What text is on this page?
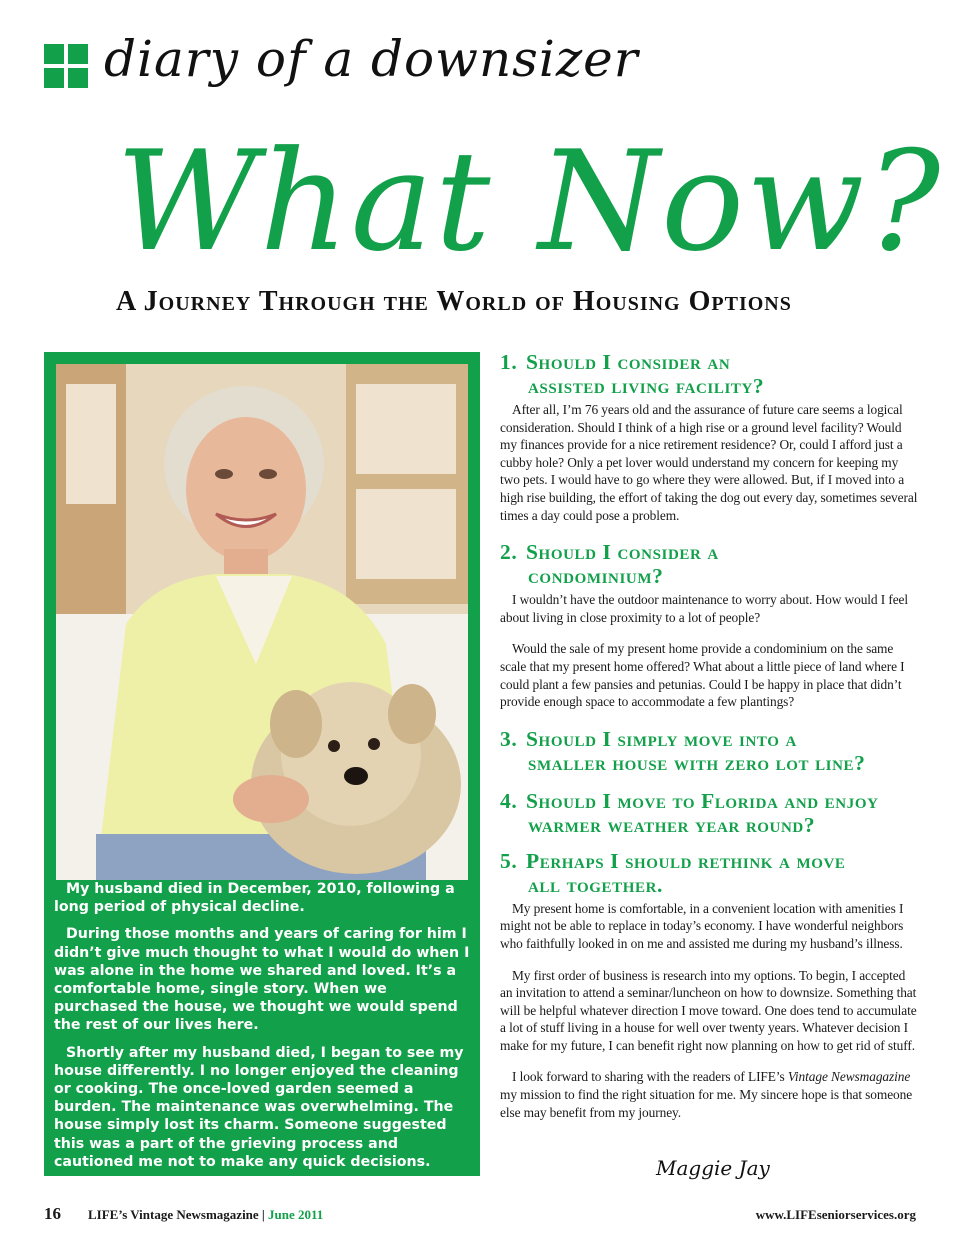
diary of a downsizer
What Now?
A Journey Through the World of Housing Options

My husband died in December, 2010, following a long period of physical decline.

During those months and years of caring for him I didn’t give much thought to what I would do when I was alone in the home we shared and loved. It’s a comfortable home, single story. When we purchased the house, we thought we would spend the rest of our lives here.

Shortly after my husband died, I began to see my house differently. I no longer enjoyed the cleaning or cooking. The once-loved garden seemed a burden. The maintenance was overwhelming. The house simply lost its charm. Someone suggested this was a part of the grieving process and cautioned me not to make any quick decisions.

1. Should I consider an
assisted living facility?

After all, I’m 76 years old and the assurance of future care seems a logical consideration. Should I think of a high rise or a ground level facility? Would my finances provide for a nice retirement residence? Or, could I afford just a cubby hole? Only a pet lover would understand my concern for keeping my two pets. I would have to go where they were allowed. But, if I moved into a high rise building, the effort of taking the dog out every day, sometimes several times a day could pose a problem.

2. Should I consider a
condominium?

I wouldn’t have the outdoor maintenance to worry about. How would I feel about living in close proximity to a lot of people?

Would the sale of my present home provide a condominium on the same scale that my present home offered? What about a little piece of land where I could plant a few pansies and petunias. Could I be happy in place that didn’t provide enough space to accommodate a few plantings?

3. Should I simply move into a
smaller house with zero lot line?
4. Should I move to Florida and enjoy
warmer weather year round?
5. Perhaps I should rethink a move
all together.

My present home is comfortable, in a convenient location with amenities I might not be able to replace in today’s economy. I have wonderful neighbors who faithfully looked in on me and assisted me during my husband’s illness.

My first order of business is research into my options. To begin, I accepted an invitation to attend a seminar/luncheon on how to downsize. Something that will be helpful whatever direction I move toward. One does tend to accumulate a lot of stuff living in a house for well over twenty years. Whatever decision I make for my future, I can benefit right now planning on how to get rid of stuff.

I look forward to sharing with the readers of LIFE’s Vintage Newsmagazine my mission to find the right situation for me. My sincere hope is that someone else may benefit from my journey.

Maggie Jay
16 LIFE’s Vintage Newsmagazine | June 2011	www.LIFEseniorservices.org
